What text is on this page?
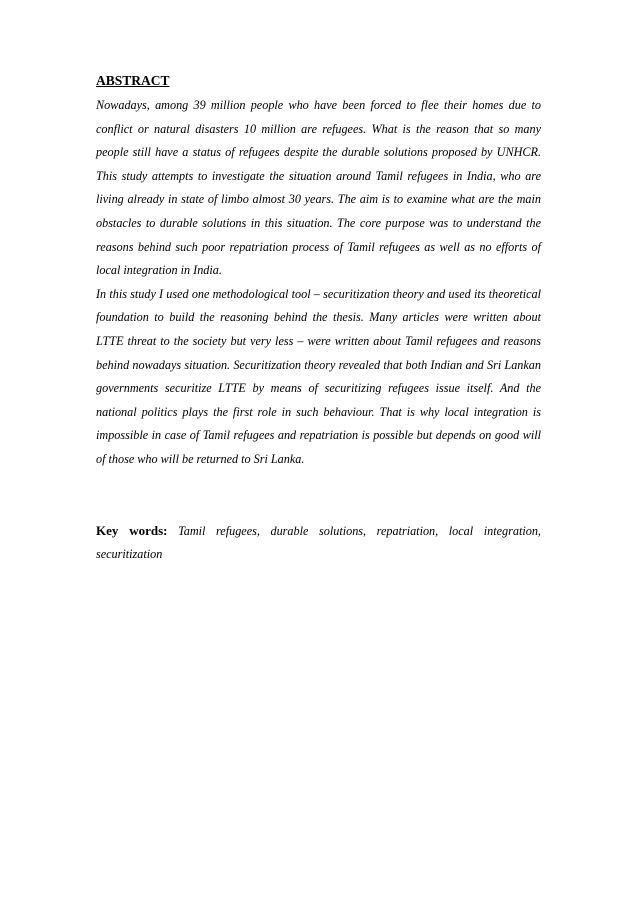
ABSTRACT

Nowadays, among 39 million people who have been forced to flee their homes due to conflict or natural disasters 10 million are refugees. What is the reason that so many people still have a status of refugees despite the durable solutions proposed by UNHCR. This study attempts to investigate the situation around Tamil refugees in India, who are living already in state of limbo almost 30 years. The aim is to examine what are the main obstacles to durable solutions in this situation. The core purpose was to understand the reasons behind such poor repatriation process of Tamil refugees as well as no efforts of local integration in India.

In this study I used one methodological tool – securitization theory and used its theoretical foundation to build the reasoning behind the thesis. Many articles were written about LTTE threat to the society but very less – were written about Tamil refugees and reasons behind nowadays situation. Securitization theory revealed that both Indian and Sri Lankan governments securitize LTTE by means of securitizing refugees issue itself. And the national politics plays the first role in such behaviour. That is why local integration is impossible in case of Tamil refugees and repatriation is possible but depends on good will of those who will be returned to Sri Lanka.

Key words: Tamil refugees, durable solutions, repatriation, local integration, securitization
